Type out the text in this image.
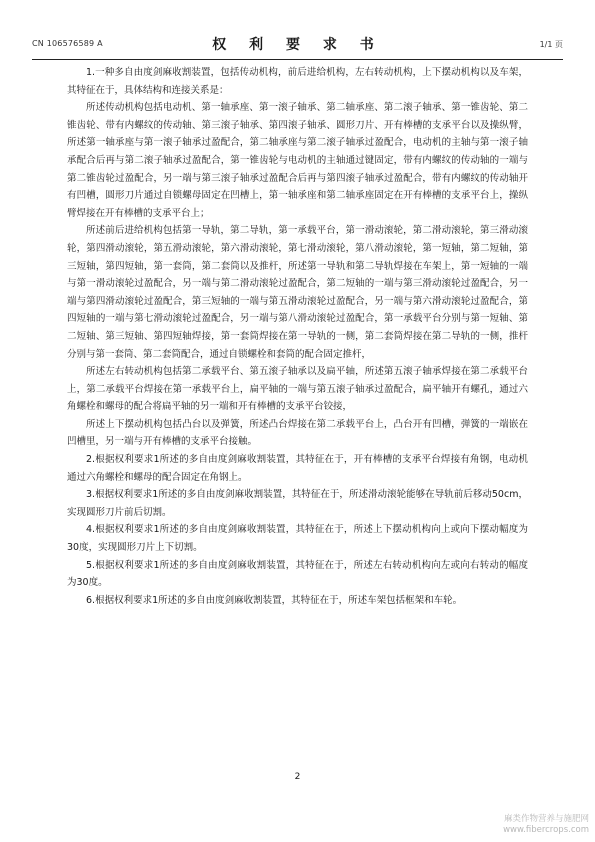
CN 106576589 A	权 利 要 求 书	1/1 页

1.一种多自由度剑麻收割装置，包括传动机构，前后进给机构，左右转动机构，上下摆动机构以及车架，其特征在于，具体结构和连接关系是：

所述传动机构包括电动机、第一轴承座、第一滚子轴承、第二轴承座、第二滚子轴承、第一锥齿轮、第二锥齿轮、带有内螺纹的传动轴、第三滚子轴承、第四滚子轴承、圆形刀片、开有棒槽的支承平台以及操纵臂，所述第一轴承座与第一滚子轴承过盈配合，第二轴承座与第二滚子轴承过盈配合，电动机的主轴与第一滚子轴承配合后再与第二滚子轴承过盈配合，第一锥齿轮与电动机的主轴通过键固定，带有内螺纹的传动轴的一端与第二锥齿轮过盈配合，另一端与第三滚子轴承过盈配合后再与第四滚子轴承过盈配合，带有内螺纹的传动轴开有凹槽，圆形刀片通过自锁螺母固定在凹槽上，第一轴承座和第二轴承座固定在开有棒槽的支承平台上，操纵臂焊接在开有棒槽的支承平台上；

所述前后进给机构包括第一导轨，第二导轨，第一承载平台，第一滑动滚轮，第二滑动滚轮，第三滑动滚轮，第四滑动滚轮，第五滑动滚轮，第六滑动滚轮，第七滑动滚轮，第八滑动滚轮，第一短轴，第二短轴，第三短轴，第四短轴，第一套筒，第二套筒以及推杆，所述第一导轨和第二导轨焊接在车架上，第一短轴的一端与第一滑动滚轮过盈配合，另一端与第二滑动滚轮过盈配合，第二短轴的一端与第三滑动滚轮过盈配合，另一端与第四滑动滚轮过盈配合，第三短轴的一端与第五滑动滚轮过盈配合，另一端与第六滑动滚轮过盈配合，第四短轴的一端与第七滑动滚轮过盈配合，另一端与第八滑动滚轮过盈配合，第一承载平台分别与第一短轴、第二短轴、第三短轴、第四短轴焊接，第一套筒焊接在第一导轨的一侧，第二套筒焊接在第二导轨的一侧，推杆分别与第一套筒、第二套筒配合，通过自锁螺栓和套筒的配合固定推杆，

所述左右转动机构包括第二承载平台、第五滚子轴承以及扁平轴，所述第五滚子轴承焊接在第二承载平台上，第二承载平台焊接在第一承载平台上，扁平轴的一端与第五滚子轴承过盈配合，扁平轴开有螺孔，通过六角螺栓和螺母的配合将扁平轴的另一端和开有棒槽的支承平台铰接，

所述上下摆动机构包括凸台以及弹簧，所述凸台焊接在第二承载平台上，凸台开有凹槽，弹簧的一端嵌在凹槽里，另一端与开有棒槽的支承平台接触。

2.根据权利要求1所述的多自由度剑麻收割装置，其特征在于，开有棒槽的支承平台焊接有角钢，电动机通过六角螺栓和螺母的配合固定在角钢上。

3.根据权利要求1所述的多自由度剑麻收割装置，其特征在于，所述滑动滚轮能够在导轨前后移动50cm，实现圆形刀片前后切割。

4.根据权利要求1所述的多自由度剑麻收割装置，其特征在于，所述上下摆动机构向上或向下摆动幅度为30度，实现圆形刀片上下切割。

5.根据权利要求1所述的多自由度剑麻收割装置，其特征在于，所述左右转动机构向左或向右转动的幅度为30度。

6.根据权利要求1所述的多自由度剑麻收割装置，其特征在于，所述车架包括框架和车轮。

2
麻类作物营养与施肥网
www.fibercrops.com
